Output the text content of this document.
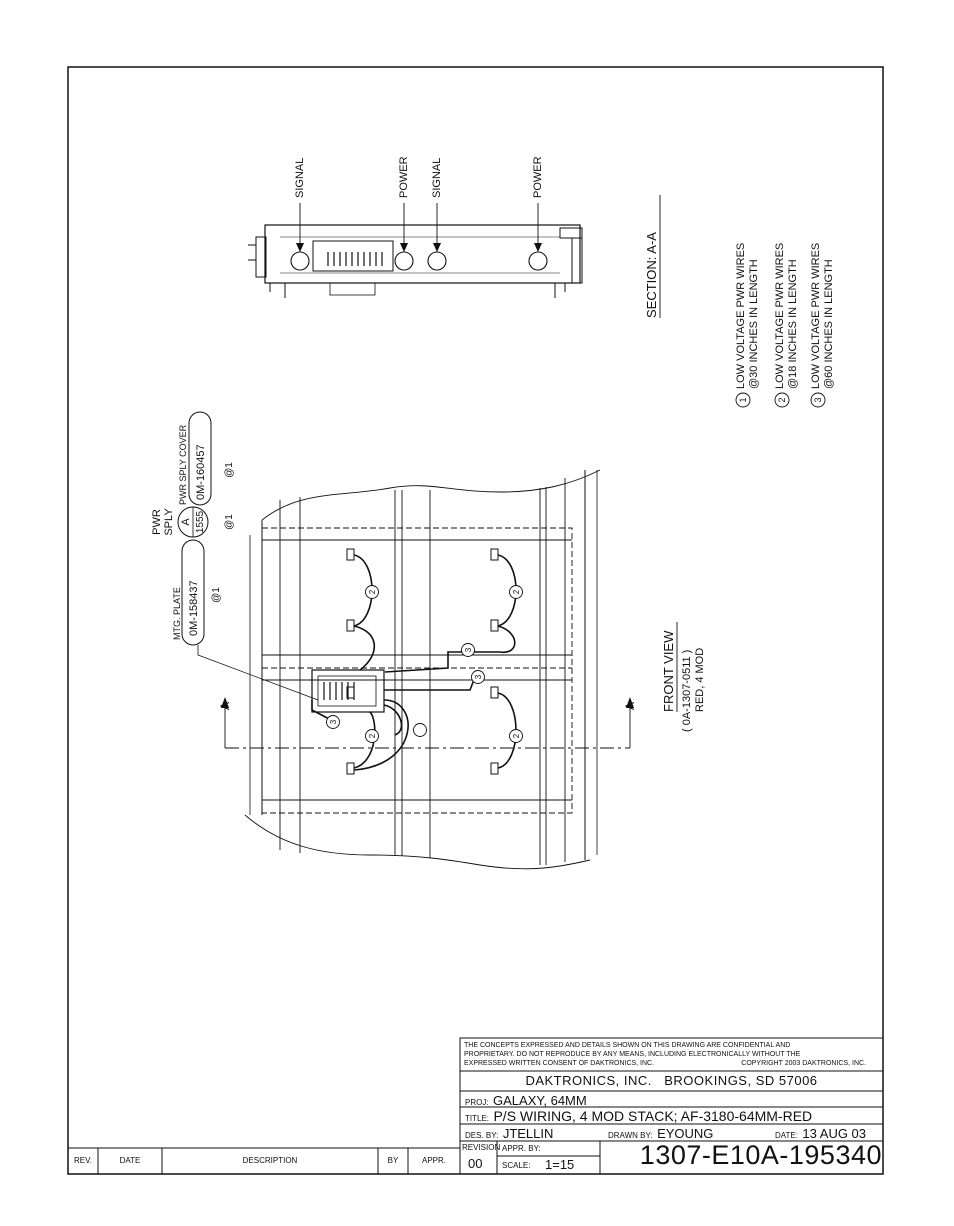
SIGNAL	POWER SIGNAL	POWER
SECTION: A-A
1
LOW VOLTAGE PWR WIRES @30 INCHES IN LENGTH
2
LOW VOLTAGE PWR WIRES @18 INCHES IN LENGTH
3
LOW VOLTAGE PWR WIRES @60 INCHES IN LENGTH
A 1555
PWR SPLY	@1
PWR SPLY COVER 0M-160457 @1
MTG. PLATE 0M-158437 @1
A	A
2	2
2
2
3
3
3
FRONT VIEW ( 0A-1307-0511 ) RED, 4 MOD
THE CONCEPTS EXPRESSED AND DETAILS SHOWN ON THIS DRAWING ARE CONFIDENTIAL AND
PROPRIETARY. DO NOT REPRODUCE BY ANY MEANS, INCLUDING ELECTRONICALLY WITHOUT THE
EXPRESSED WRITTEN CONSENT OF DAKTRONICS, INC.	COPYRIGHT 2003 DAKTRONICS, INC.
DAKTRONICS, INC.   BROOKINGS, SD 57006
PROJ: GALAXY, 64MM
TITLE: P/S WIRING, 4 MOD STACK; AF-3180-64MM-RED
DES. BY: JTELLIN	DRAWN BY: EYOUNG	DATE: 13 AUG 03
REVISION
00
APPR. BY:
SCALE: 1=15	1307-E10A-195340
REV.	DATE	DESCRIPTION	BY	APPR.
